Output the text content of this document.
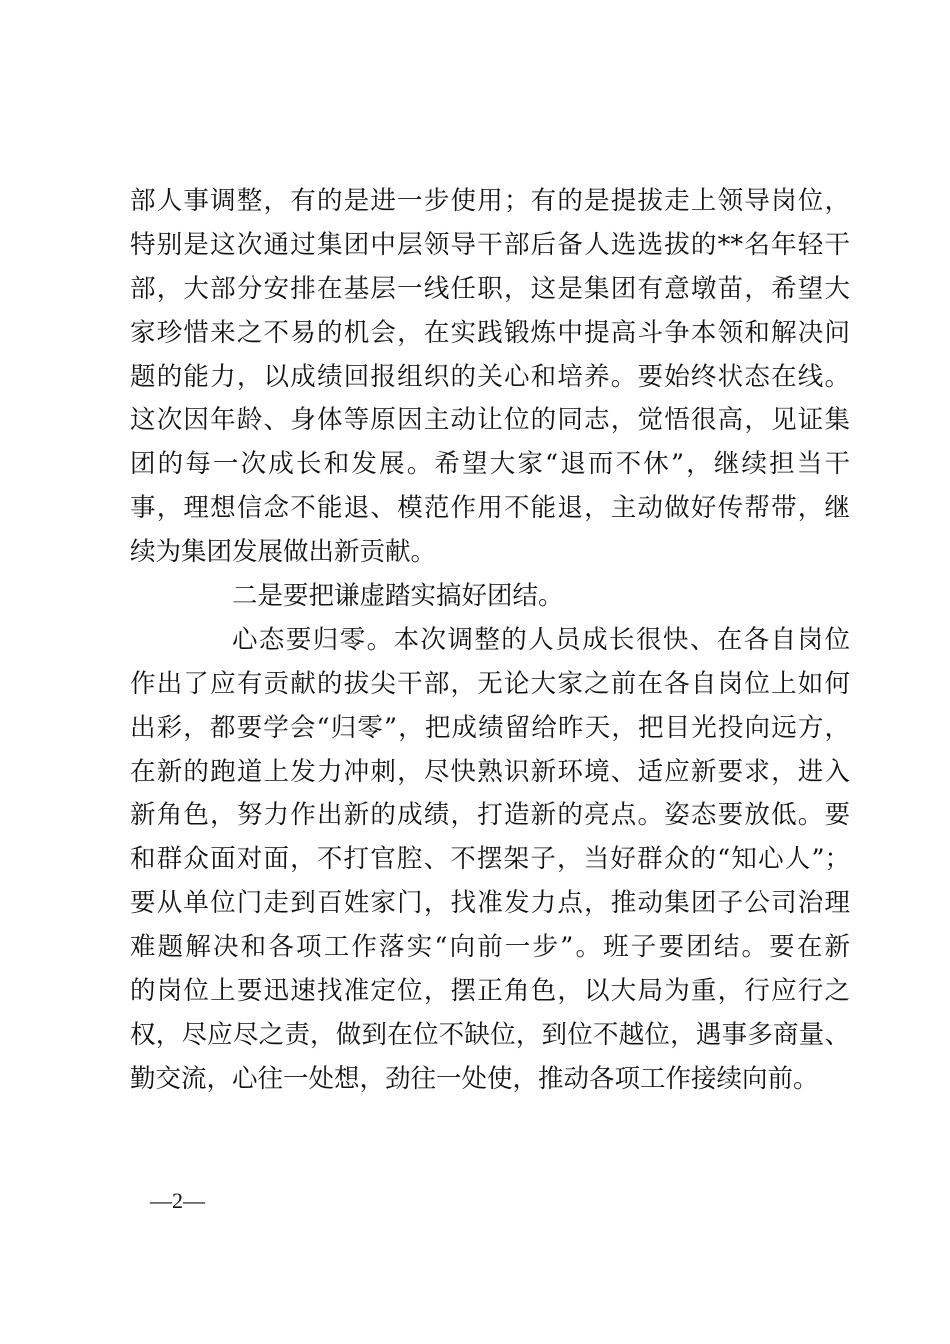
部人事调整，有的是进一步使用；有的是提拔走上领导岗位，
特别是这次通过集团中层领导干部后备人选选拔的**名年轻干
部，大部分安排在基层一线任职，这是集团有意墩苗，希望大
家珍惜来之不易的机会，在实践锻炼中提高斗争本领和解决问
题的能力，以成绩回报组织的关心和培养。要始终状态在线。
这次因年龄、身体等原因主动让位的同志，觉悟很高，见证集
团的每一次成长和发展。希望大家“退而不休”，继续担当干
事，理想信念不能退、模范作用不能退，主动做好传帮带，继
续为集团发展做出新贡献。
二是要把谦虚踏实搞好团结。
心态要归零。本次调整的人员成长很快、在各自岗位
作出了应有贡献的拔尖干部，无论大家之前在各自岗位上如何
出彩，都要学会“归零”，把成绩留给昨天，把目光投向远方，
在新的跑道上发力冲刺，尽快熟识新环境、适应新要求，进入
新角色，努力作出新的成绩，打造新的亮点。姿态要放低。要
和群众面对面，不打官腔、不摆架子，当好群众的“知心人”；
要从单位门走到百姓家门，找准发力点，推动集团子公司治理
难题解决和各项工作落实“向前一步”。班子要团结。要在新
的岗位上要迅速找准定位，摆正角色，以大局为重，行应行之
权，尽应尽之责，做到在位不缺位，到位不越位，遇事多商量、
勤交流，心往一处想，劲往一处使，推动各项工作接续向前。
—2—
